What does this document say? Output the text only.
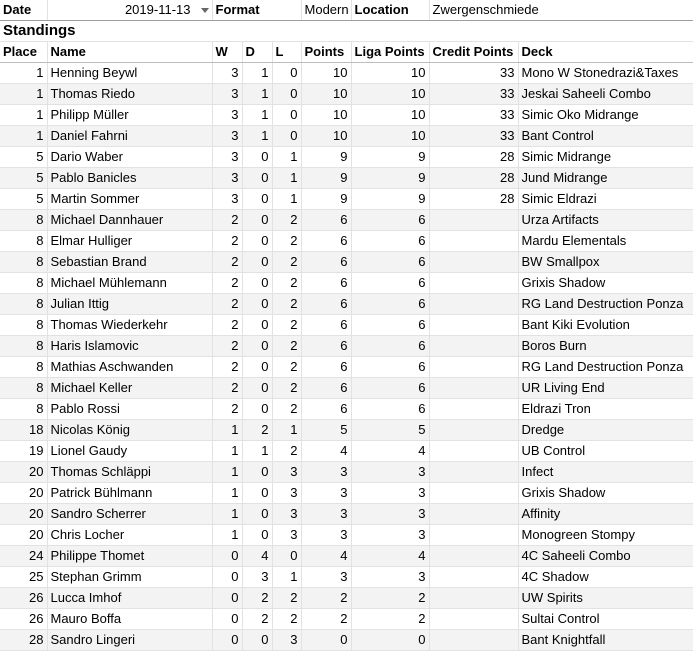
Date	2019-11-13	Format			Modern	Location	Zwergenschmiede	
Standings								
Place	Name	W	D	L	Points	Liga Points	Credit Points	Deck
1	Henning Beywl	3	1	0	10	10	33	Mono W Stonedrazi&Taxes
1	Thomas Riedo	3	1	0	10	10	33	Jeskai Saheeli Combo
1	Philipp Müller	3	1	0	10	10	33	Simic Oko Midrange
1	Daniel Fahrni	3	1	0	10	10	33	Bant Control
5	Dario Waber	3	0	1	9	9	28	Simic Midrange
5	Pablo Banicles	3	0	1	9	9	28	Jund Midrange
5	Martin Sommer	3	0	1	9	9	28	Simic Eldrazi
8	Michael Dannhauer	2	0	2	6	6		Urza Artifacts
8	Elmar Hulliger	2	0	2	6	6		Mardu Elementals
8	Sebastian Brand	2	0	2	6	6		BW Smallpox
8	Michael Mühlemann	2	0	2	6	6		Grixis Shadow
8	Julian Ittig	2	0	2	6	6		RG Land Destruction Ponza
8	Thomas Wiederkehr	2	0	2	6	6		Bant Kiki Evolution
8	Haris Islamovic	2	0	2	6	6		Boros Burn
8	Mathias Aschwanden	2	0	2	6	6		RG Land Destruction Ponza
8	Michael Keller	2	0	2	6	6		UR Living End
8	Pablo Rossi	2	0	2	6	6		Eldrazi Tron
18	Nicolas König	1	2	1	5	5		Dredge
19	Lionel Gaudy	1	1	2	4	4		UB Control
20	Thomas Schläppi	1	0	3	3	3		Infect
20	Patrick Bühlmann	1	0	3	3	3		Grixis Shadow
20	Sandro Scherrer	1	0	3	3	3		Affinity
20	Chris Locher	1	0	3	3	3		Monogreen Stompy
24	Philippe Thomet	0	4	0	4	4		4C Saheeli Combo
25	Stephan Grimm	0	3	1	3	3		4C Shadow
26	Lucca Imhof	0	2	2	2	2		UW Spirits
26	Mauro Boffa	0	2	2	2	2		Sultai Control
28	Sandro Lingeri	0	0	3	0	0		Bant Knightfall
